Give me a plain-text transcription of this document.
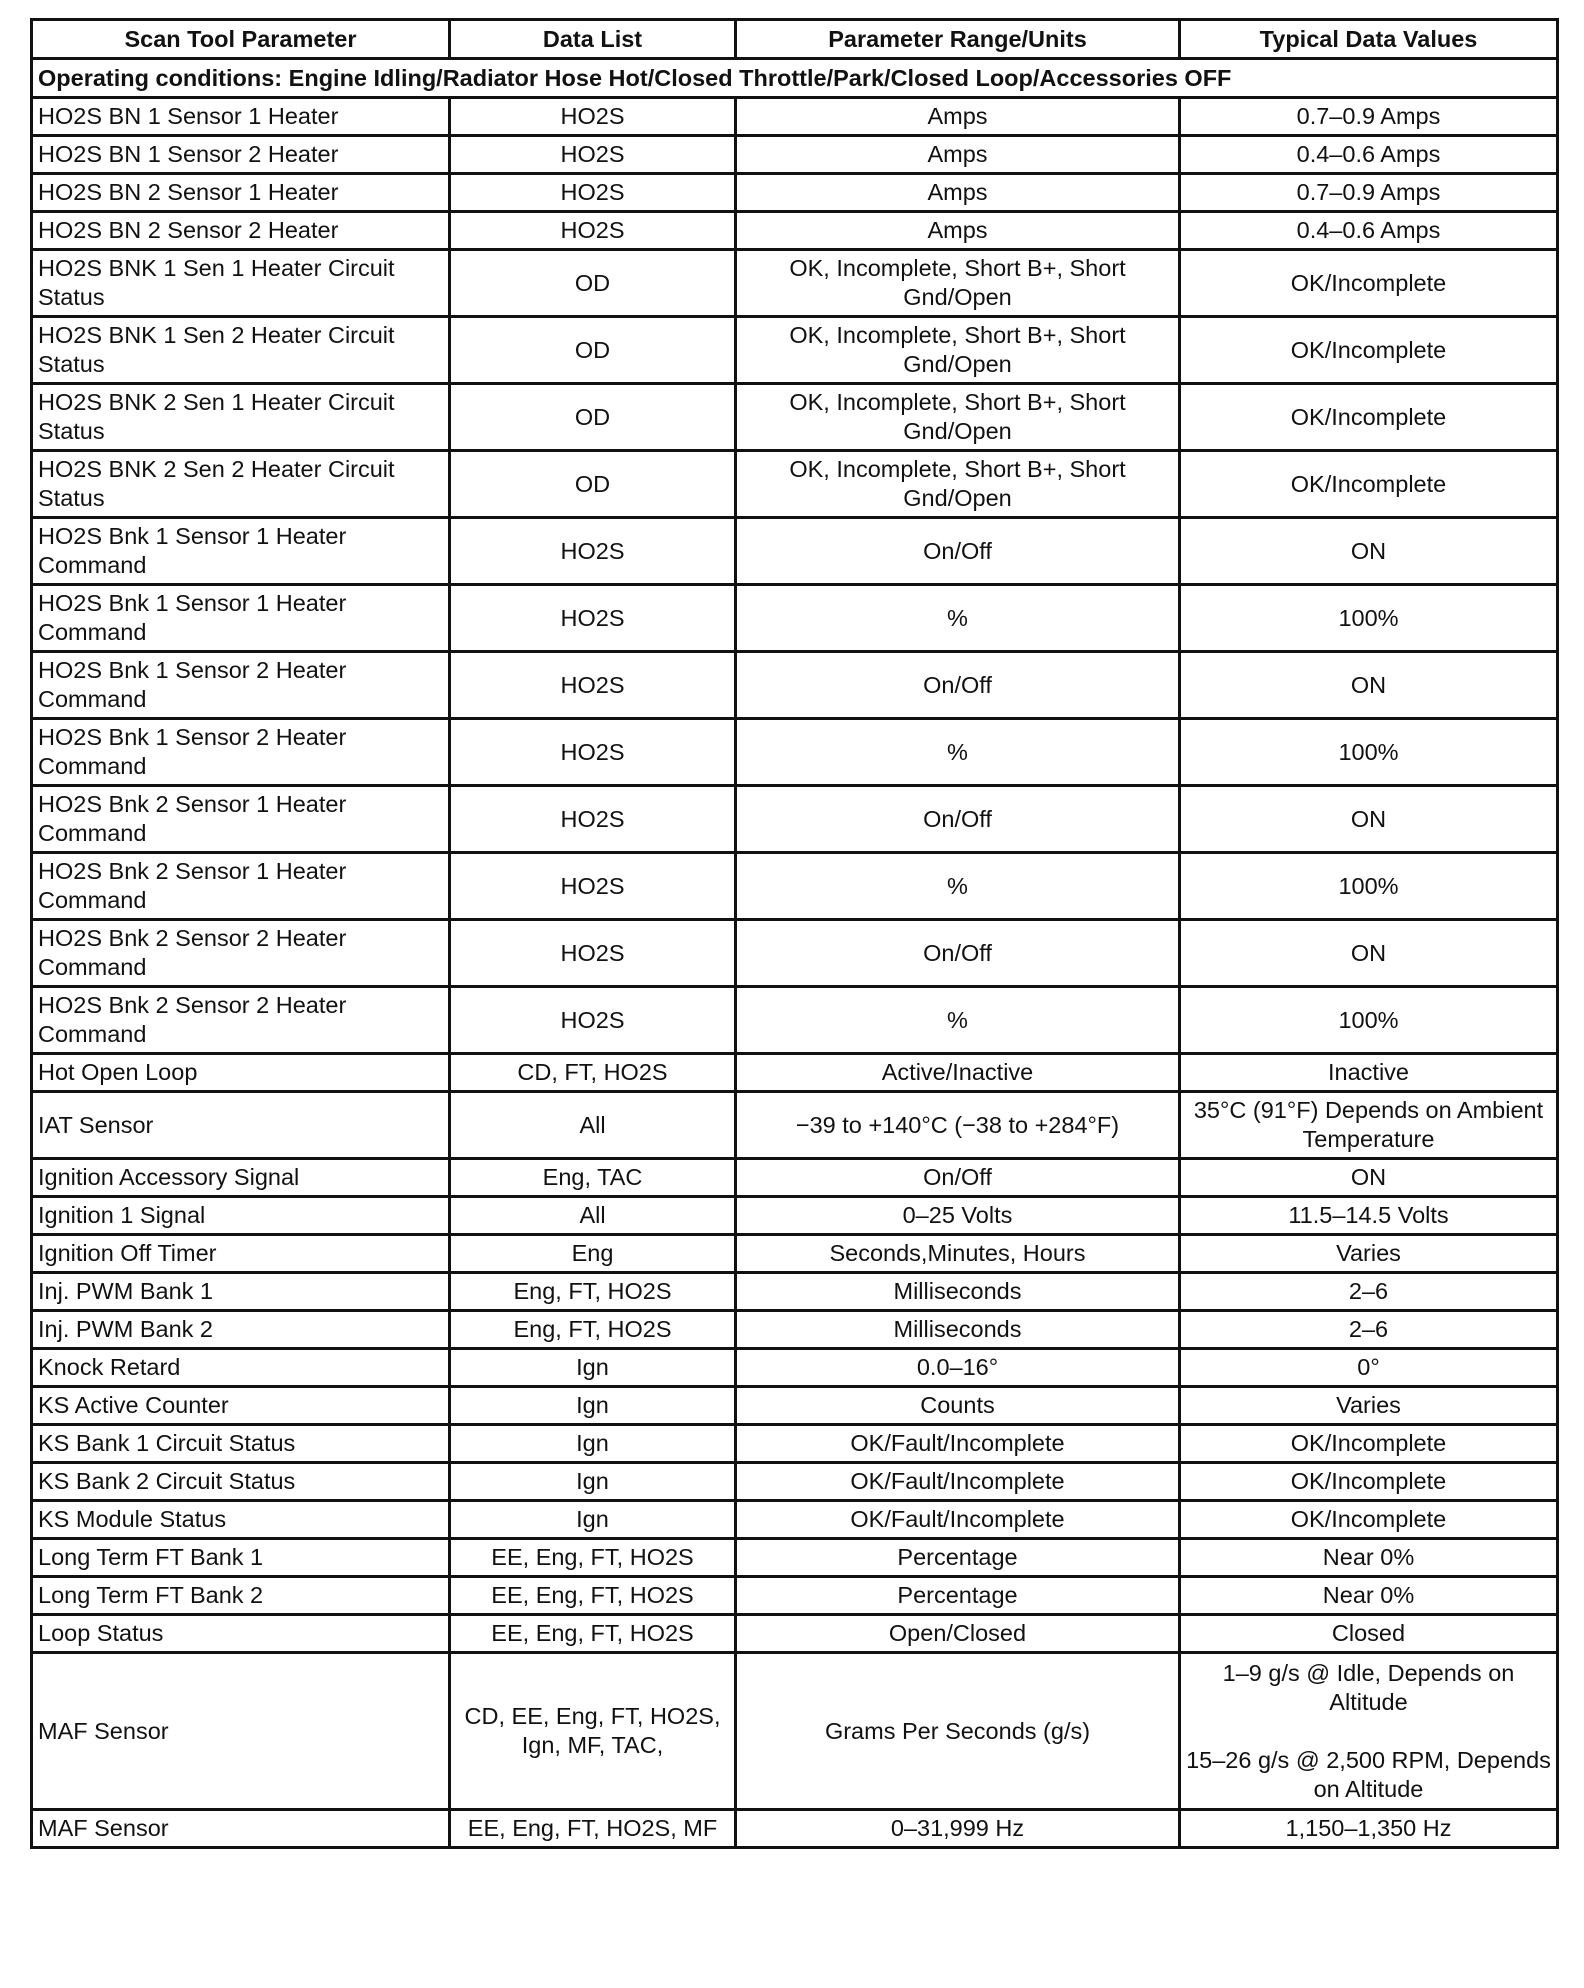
Scan Tool Parameter	Data List	Parameter Range/Units	Typical Data Values
Operating conditions: Engine Idling/Radiator Hose Hot/Closed Throttle/Park/Closed Loop/Accessories OFF			
HO2S BN 1 Sensor 1 Heater	HO2S	Amps	0.7–0.9 Amps
HO2S BN 1 Sensor 2 Heater	HO2S	Amps	0.4–0.6 Amps
HO2S BN 2 Sensor 1 Heater	HO2S	Amps	0.7–0.9 Amps
HO2S BN 2 Sensor 2 Heater	HO2S	Amps	0.4–0.6 Amps
HO2S BNK 1 Sen 1 Heater Circuit Status	OD	OK, Incomplete, Short B+, Short Gnd/Open	OK/Incomplete
HO2S BNK 1 Sen 2 Heater Circuit Status	OD	OK, Incomplete, Short B+, Short Gnd/Open	OK/Incomplete
HO2S BNK 2 Sen 1 Heater Circuit Status	OD	OK, Incomplete, Short B+, Short Gnd/Open	OK/Incomplete
HO2S BNK 2 Sen 2 Heater Circuit Status	OD	OK, Incomplete, Short B+, Short Gnd/Open	OK/Incomplete
HO2S Bnk 1 Sensor 1 Heater Command	HO2S	On/Off	ON
HO2S Bnk 1 Sensor 1 Heater Command	HO2S	%	100%
HO2S Bnk 1 Sensor 2 Heater Command	HO2S	On/Off	ON
HO2S Bnk 1 Sensor 2 Heater Command	HO2S	%	100%
HO2S Bnk 2 Sensor 1 Heater Command	HO2S	On/Off	ON
HO2S Bnk 2 Sensor 1 Heater Command	HO2S	%	100%
HO2S Bnk 2 Sensor 2 Heater Command	HO2S	On/Off	ON
HO2S Bnk 2 Sensor 2 Heater Command	HO2S	%	100%
Hot Open Loop	CD, FT, HO2S	Active/Inactive	Inactive
IAT Sensor	All	−39 to +140°C (−38 to +284°F)	35°C (91°F) Depends on Ambient Temperature
Ignition Accessory Signal	Eng, TAC	On/Off	ON
Ignition 1 Signal	All	0–25 Volts	11.5–14.5 Volts
Ignition Off Timer	Eng	Seconds,Minutes, Hours	Varies
Inj. PWM Bank 1	Eng, FT, HO2S	Milliseconds	2–6
Inj. PWM Bank 2	Eng, FT, HO2S	Milliseconds	2–6
Knock Retard	Ign	0.0–16°	0°
KS Active Counter	Ign	Counts	Varies
KS Bank 1 Circuit Status	Ign	OK/Fault/Incomplete	OK/Incomplete
KS Bank 2 Circuit Status	Ign	OK/Fault/Incomplete	OK/Incomplete
KS Module Status	Ign	OK/Fault/Incomplete	OK/Incomplete
Long Term FT Bank 1	EE, Eng, FT, HO2S	Percentage	Near 0%
Long Term FT Bank 2	EE, Eng, FT, HO2S	Percentage	Near 0%
Loop Status	EE, Eng, FT, HO2S	Open/Closed	Closed
MAF Sensor	CD, EE, Eng, FT, HO2S, Ign, MF, TAC,	Grams Per Seconds (g/s)	1–9 g/s @ Idle, Depends on Altitude
15–26 g/s @ 2,500 RPM, Depends on Altitude
MAF Sensor	EE, Eng, FT, HO2S, MF	0–31,999 Hz	1,150–1,350 Hz
